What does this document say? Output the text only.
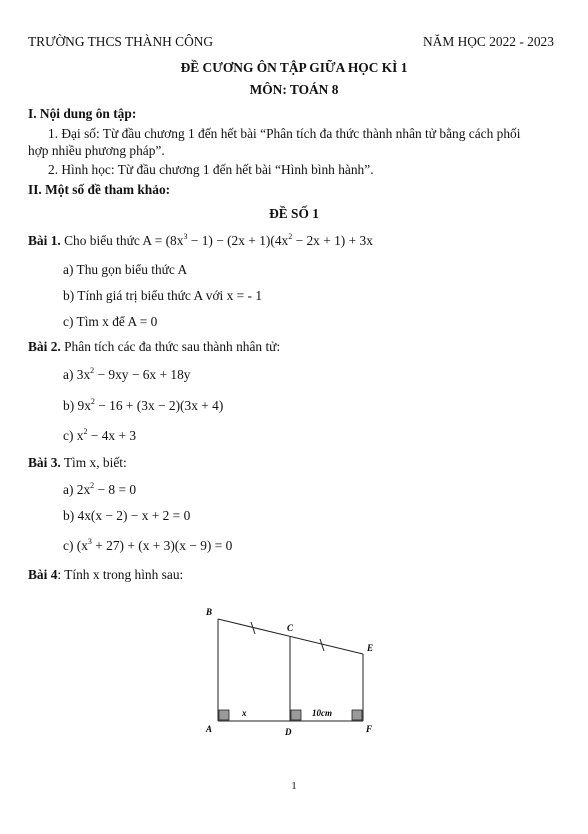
TRƯỜNG THCS THÀNH CÔNG	NĂM HỌC 2022 - 2023
ĐỀ CƯƠNG ÔN TẬP GIỮA HỌC KÌ 1
MÔN: TOÁN 8
I. Nội dung ôn tập:
1. Đại số: Từ đầu chương 1 đến hết bài “Phân tích đa thức thành nhân tử bằng cách phối
hợp nhiều phương pháp”.
2. Hình học: Từ đầu chương 1 đến hết bài “Hình bình hành”.
II. Một số đề tham khảo:
ĐỀ SỐ 1
Bài 1. Cho biểu thức $A = (8x^3 - 1) - (2x + 1)(4x^2 - 2x + 1) + 3x$
a) Thu gọn biểu thức A
b) Tính giá trị biểu thức A với x = - 1
c) Tìm x để A = 0
Bài 2. Phân tích các đa thức sau thành nhân tử:
a) $3x^2 - 9xy - 6x + 18y$
b) $9x^2 - 16 + (3x - 2)(3x + 4)$
c) $x^2 - 4x + 3$
Bài 3. Tìm x, biết:
a) $2x^2 - 8 = 0$
b) 4x(x − 2) − x + 2 = 0
c) $(x^3 + 27) + (x + 3)(x - 9) = 0$
Bài 4: Tính x trong hình sau:
B
C
E
A	D	F
x	10cm
1
